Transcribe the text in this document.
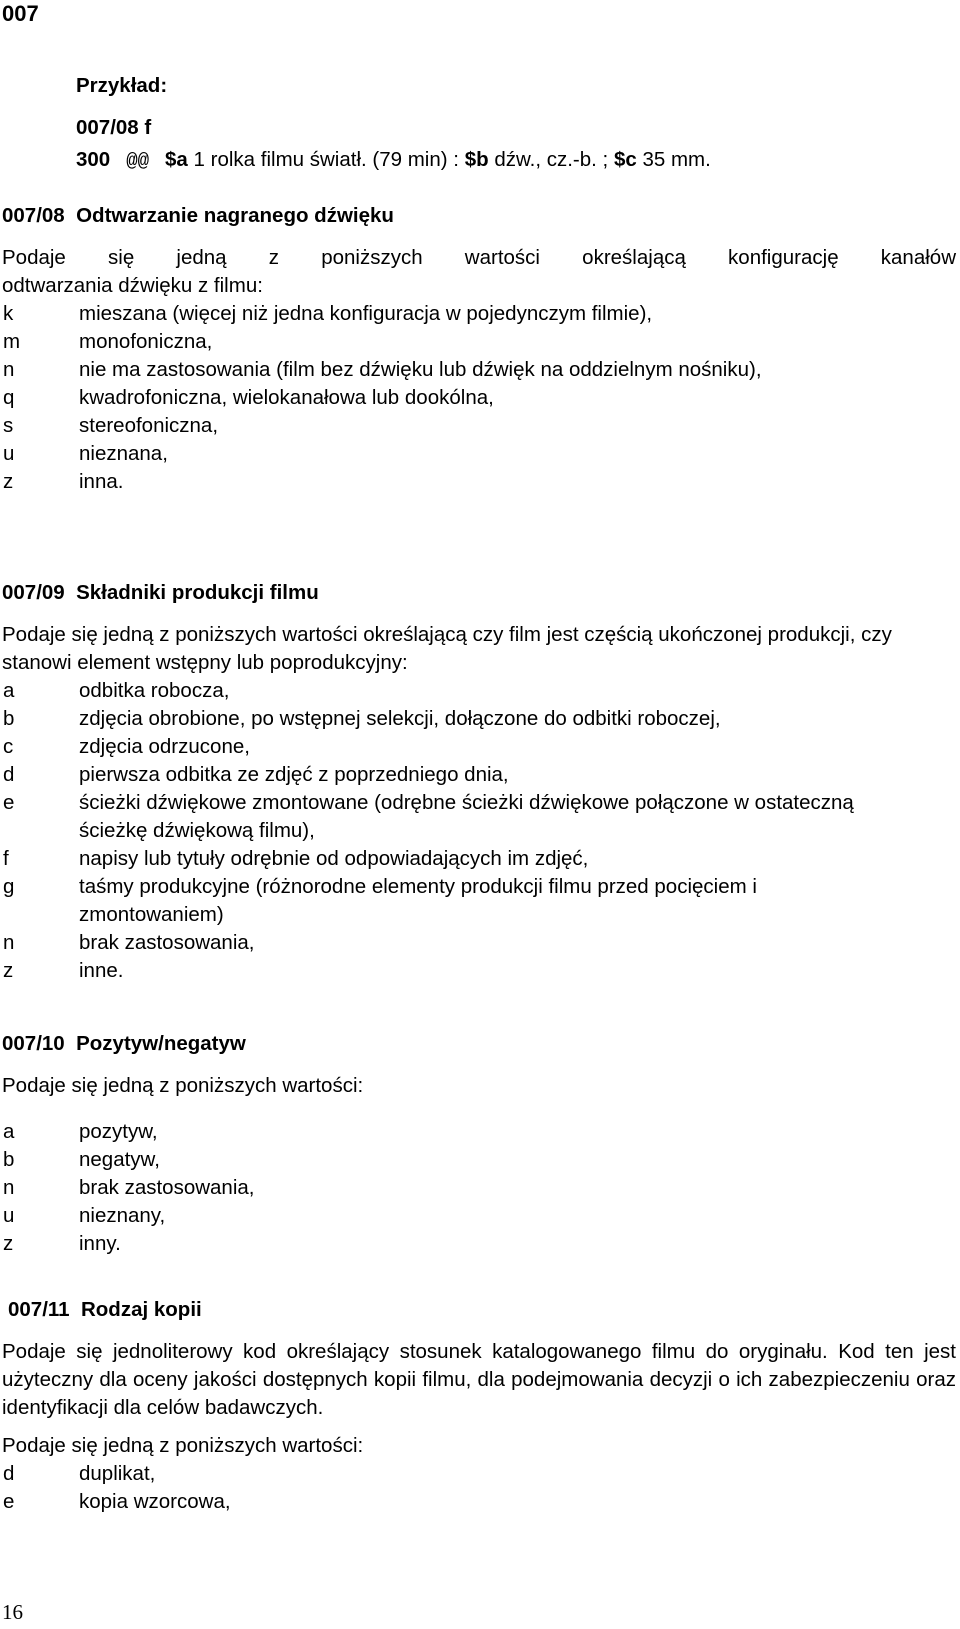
007
Przykład:
007/08 f
300 @@ $a 1 rolka filmu światł. (79 min) : $b dźw., cz.-b. ; $c 35 mm.
007/08 Odtwarzanie nagranego dźwięku
Podaje się jedną z poniższych wartości określającą konfigurację kanałów
odtwarzania dźwięku z filmu:
k	mieszana (więcej niż jedna konfiguracja w pojedynczym filmie),
m	monofoniczna,
n	nie ma zastosowania (film bez dźwięku lub dźwięk na oddzielnym nośniku),
q	kwadrofoniczna, wielokanałowa lub dookólna,
s	stereofoniczna,
u	nieznana,
z	inna.
007/09 Składniki produkcji filmu
Podaje się jedną z poniższych wartości określającą czy film jest częścią ukończonej produkcji, czy stanowi element wstępny lub poprodukcyjny:
a	odbitka robocza,
b	zdjęcia obrobione, po wstępnej selekcji, dołączone do odbitki roboczej,
c	zdjęcia odrzucone,
d	pierwsza odbitka ze zdjęć z poprzedniego dnia,
e	ścieżki dźwiękowe zmontowane (odrębne ścieżki dźwiękowe połączone w ostateczną ścieżkę dźwiękową filmu),
f	napisy lub tytuły odrębnie od odpowiadających im zdjęć,
g	taśmy produkcyjne (różnorodne elementy produkcji filmu przed pocięciem i zmontowaniem)
n	brak zastosowania,
z	inne.
007/10 Pozytyw/negatyw
Podaje się jedną z poniższych wartości:
a	pozytyw,
b	negatyw,
n	brak zastosowania,
u	nieznany,
z	inny.
007/11 Rodzaj kopii
Podaje się jednoliterowy kod określający stosunek katalogowanego filmu do oryginału. Kod ten jest użyteczny dla oceny jakości dostępnych kopii filmu, dla podejmowania decyzji o ich zabezpieczeniu oraz identyfikacji dla celów badawczych.
Podaje się jedną z poniższych wartości:
d	duplikat,
e	kopia wzorcowa,
16
